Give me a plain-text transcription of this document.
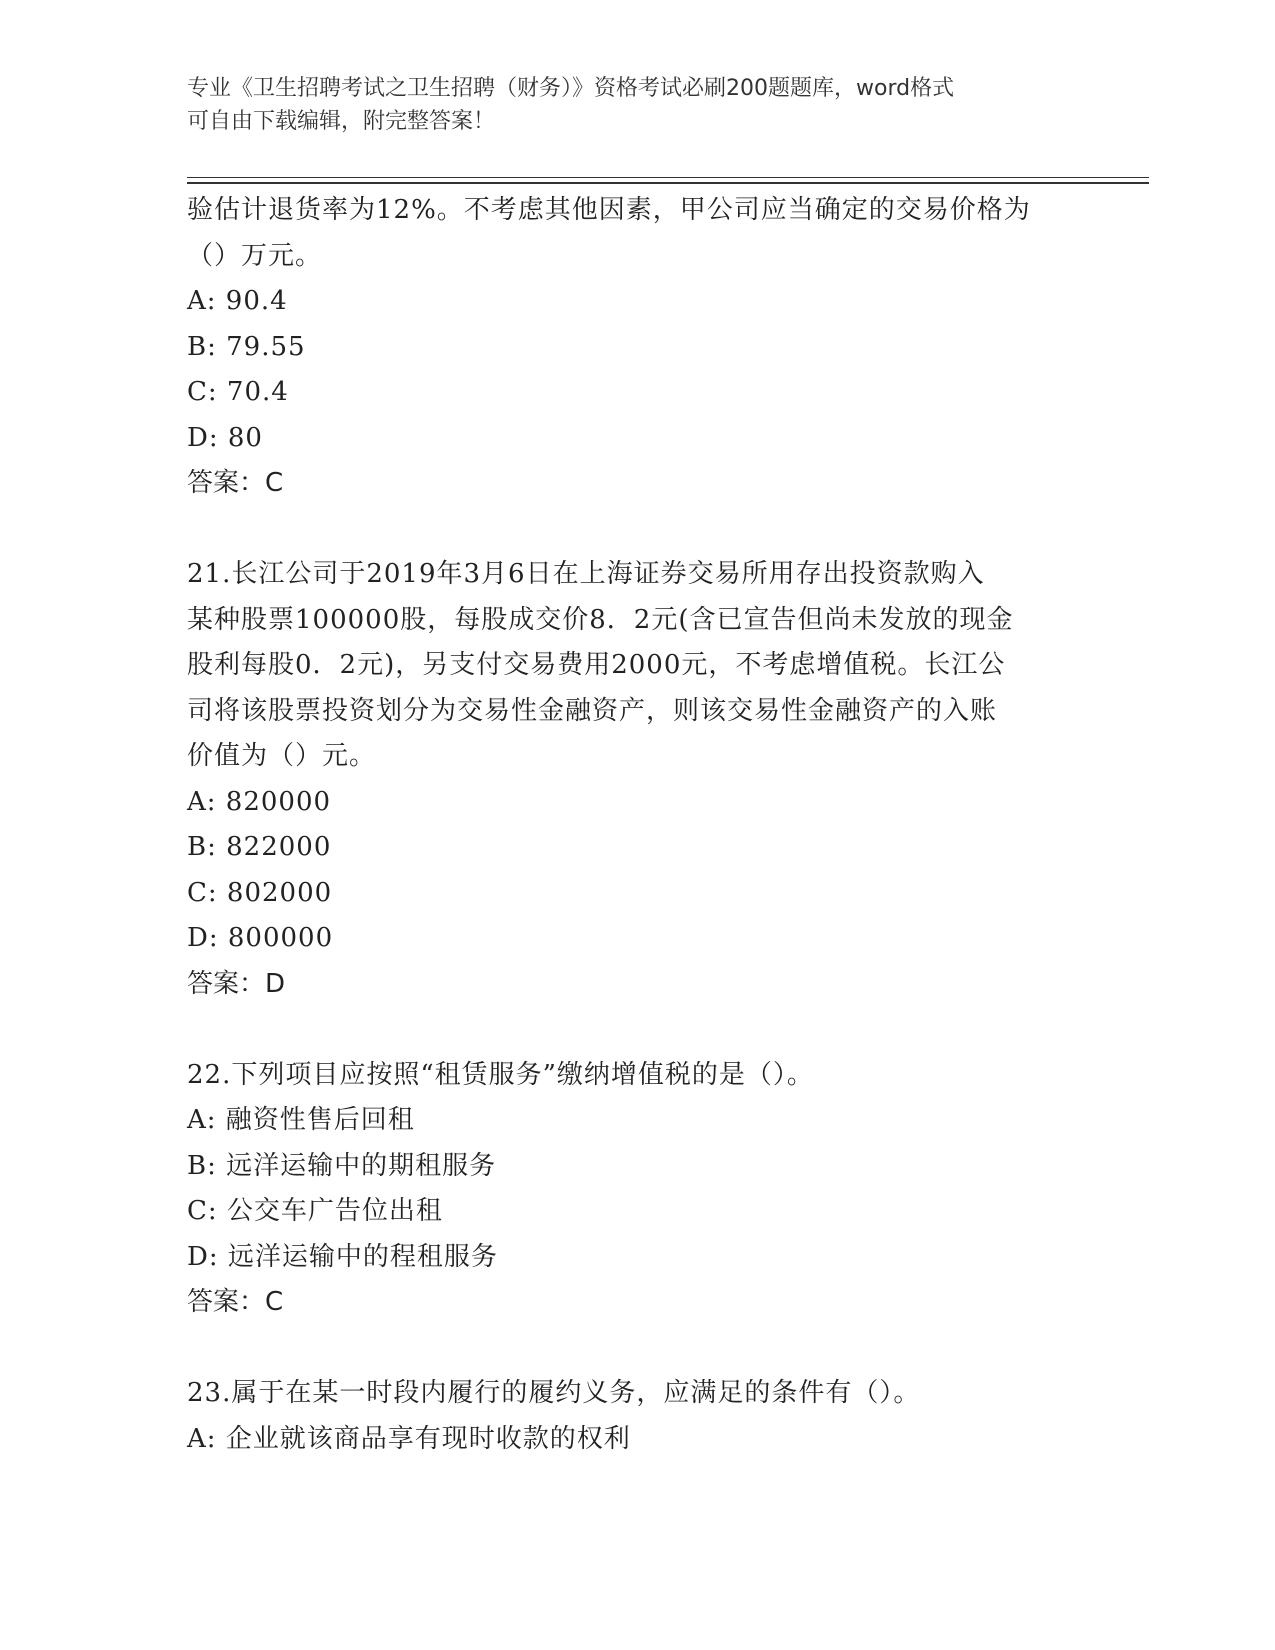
专业《卫生招聘考试之卫生招聘（财务）》资格考试必刷200题题库，word格式
可自由下载编辑，附完整答案！
验估计退货率为12%。不考虑其他因素，甲公司应当确定的交易价格为
（）万元。
A: 90.4
B: 79.55
C: 70.4
D: 80
答案：C
21.长江公司于2019年3月6日在上海证券交易所用存出投资款购入
某种股票100000股，每股成交价8．2元(含已宣告但尚未发放的现金
股利每股0．2元)，另支付交易费用2000元，不考虑增值税。长江公
司将该股票投资划分为交易性金融资产，则该交易性金融资产的入账
价值为（）元。
A: 820000
B: 822000
C: 802000
D: 800000
答案：D
22.下列项目应按照“租赁服务”缴纳增值税的是（）。
A: 融资性售后回租
B: 远洋运输中的期租服务
C: 公交车广告位出租
D: 远洋运输中的程租服务
答案：C
23.属于在某一时段内履行的履约义务，应满足的条件有（）。
A: 企业就该商品享有现时收款的权利
